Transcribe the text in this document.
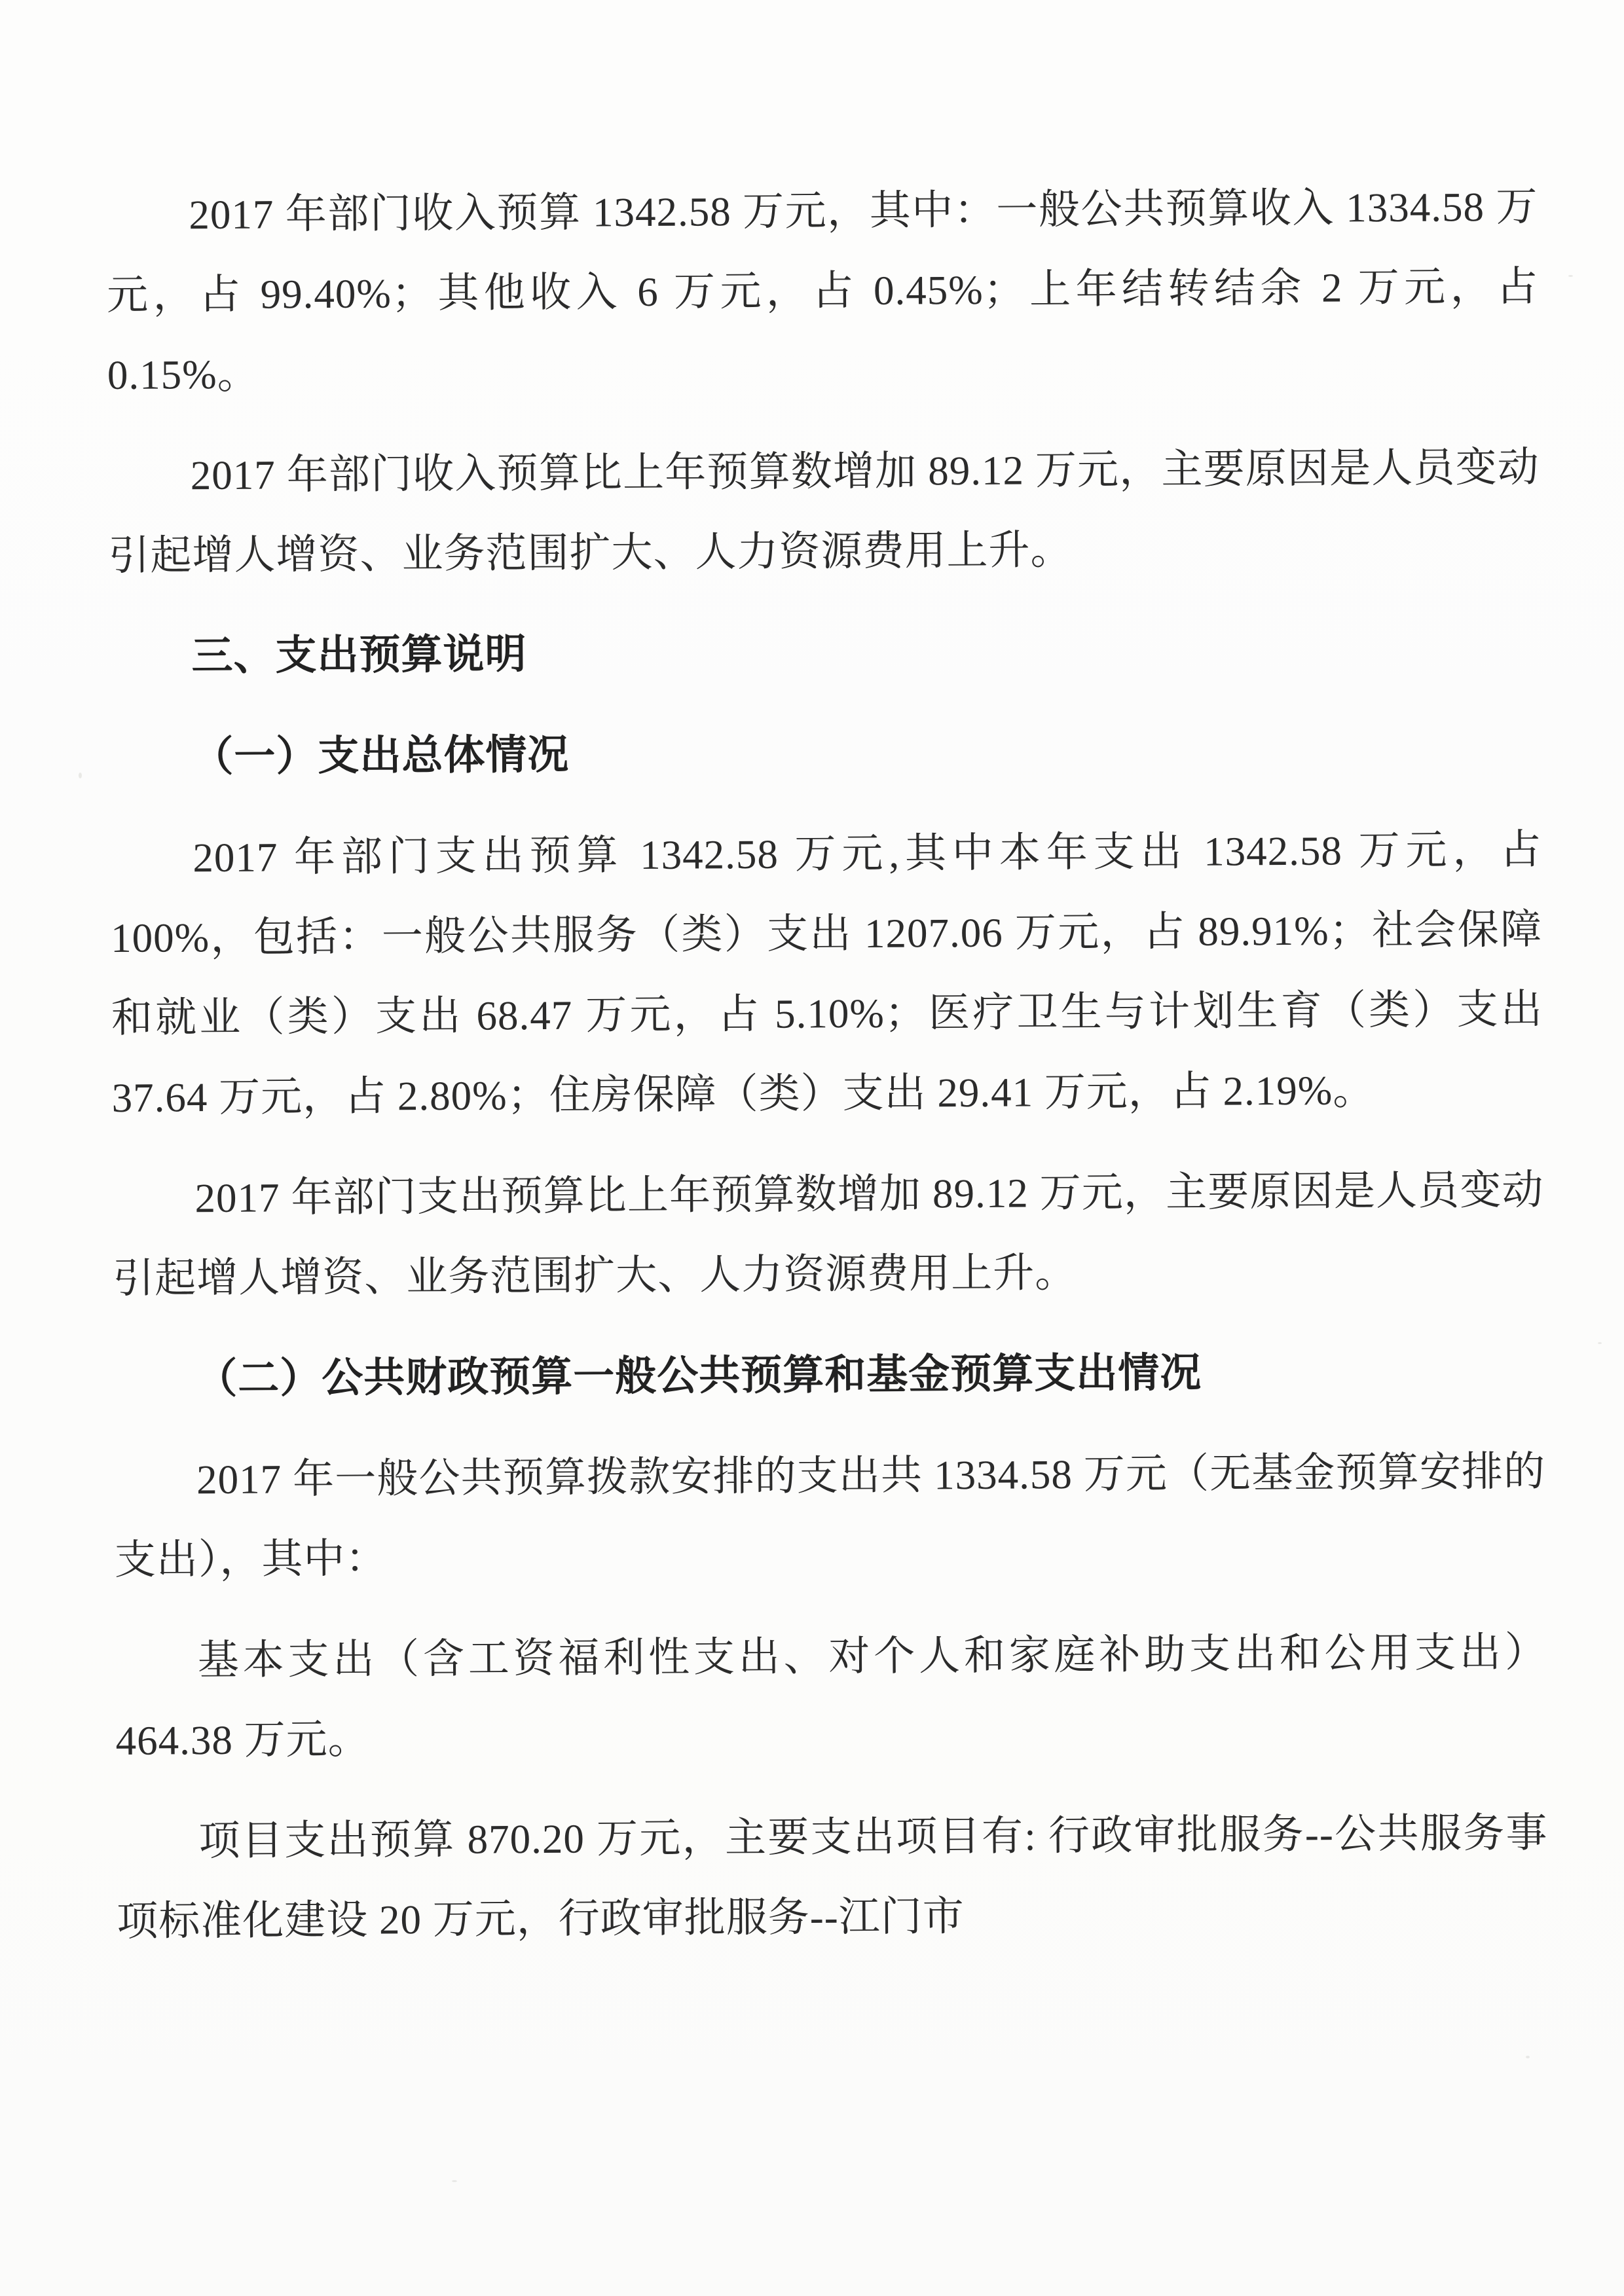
2017 年部门收入预算 1342.58 万元，其中：一般公共预算收入 1334.58 万元，占 99.40%；其他收入 6 万元，占 0.45%；上年结转结余 2 万元，占 0.15%。

2017 年部门收入预算比上年预算数增加 89.12 万元，主要原因是人员变动引起增人增资、业务范围扩大、人力资源费用上升。

三、支出预算说明
（一）支出总体情况

2017 年部门支出预算 1342.58 万元,其中本年支出 1342.58 万元，占 100%，包括：一般公共服务（类）支出 1207.06 万元，占 89.91%；社会保障和就业（类）支出 68.47 万元，占 5.10%；医疗卫生与计划生育（类）支出 37.64 万元，占 2.80%；住房保障（类）支出 29.41 万元，占 2.19%。

2017 年部门支出预算比上年预算数增加 89.12 万元，主要原因是人员变动引起增人增资、业务范围扩大、人力资源费用上升。

（二）公共财政预算一般公共预算和基金预算支出情况

2017 年一般公共预算拨款安排的支出共 1334.58 万元（无基金预算安排的支出），其中：

基本支出（含工资福利性支出、对个人和家庭补助支出和公用支出）464.38 万元。

项目支出预算 870.20 万元，主要支出项目有: 行政审批服务--公共服务事项标准化建设 20 万元，行政审批服务--江门市
